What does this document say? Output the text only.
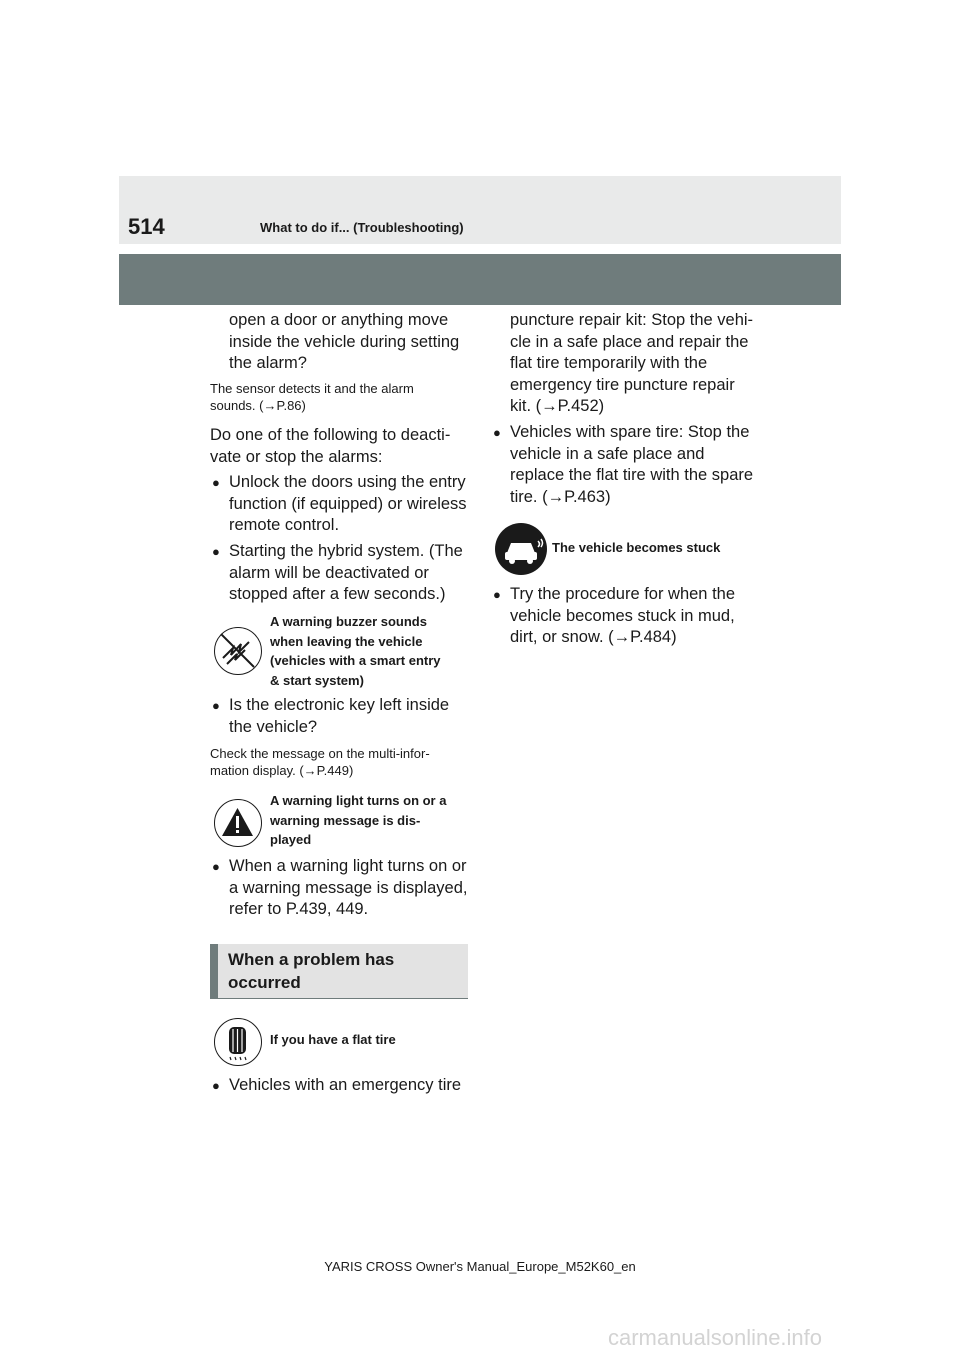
514	What to do if... (Troubleshooting)
open a door or anything move
inside the vehicle during setting
the alarm?
The sensor detects it and the alarm
sounds. (→P.86)
Do one of the following to deacti-
vate or stop the alarms:
● Unlock the doors using the entry
function (if equipped) or wireless
remote control.
● Starting the hybrid system. (The
alarm will be deactivated or
stopped after a few seconds.)
A warning buzzer sounds
when leaving the vehicle
(vehicles with a smart entry
& start system)
● Is the electronic key left inside
the vehicle?
Check the message on the multi-infor-
mation display. (→P.449)
A warning light turns on or a
warning message is dis-
played
● When a warning light turns on or
a warning message is displayed,
refer to P.439, 449.
When a problem has
occurred
If you have a flat tire
● Vehicles with an emergency tire
puncture repair kit: Stop the vehi-
cle in a safe place and repair the
flat tire temporarily with the
emergency tire puncture repair
kit. (→P.452)
● Vehicles with spare tire: Stop the
vehicle in a safe place and
replace the flat tire with the spare
tire. (→P.463)
The vehicle becomes stuck
● Try the procedure for when the
vehicle becomes stuck in mud,
dirt, or snow. (→P.484)
YARIS CROSS Owner's Manual_Europe_M52K60_en
carmanualsonline.info
